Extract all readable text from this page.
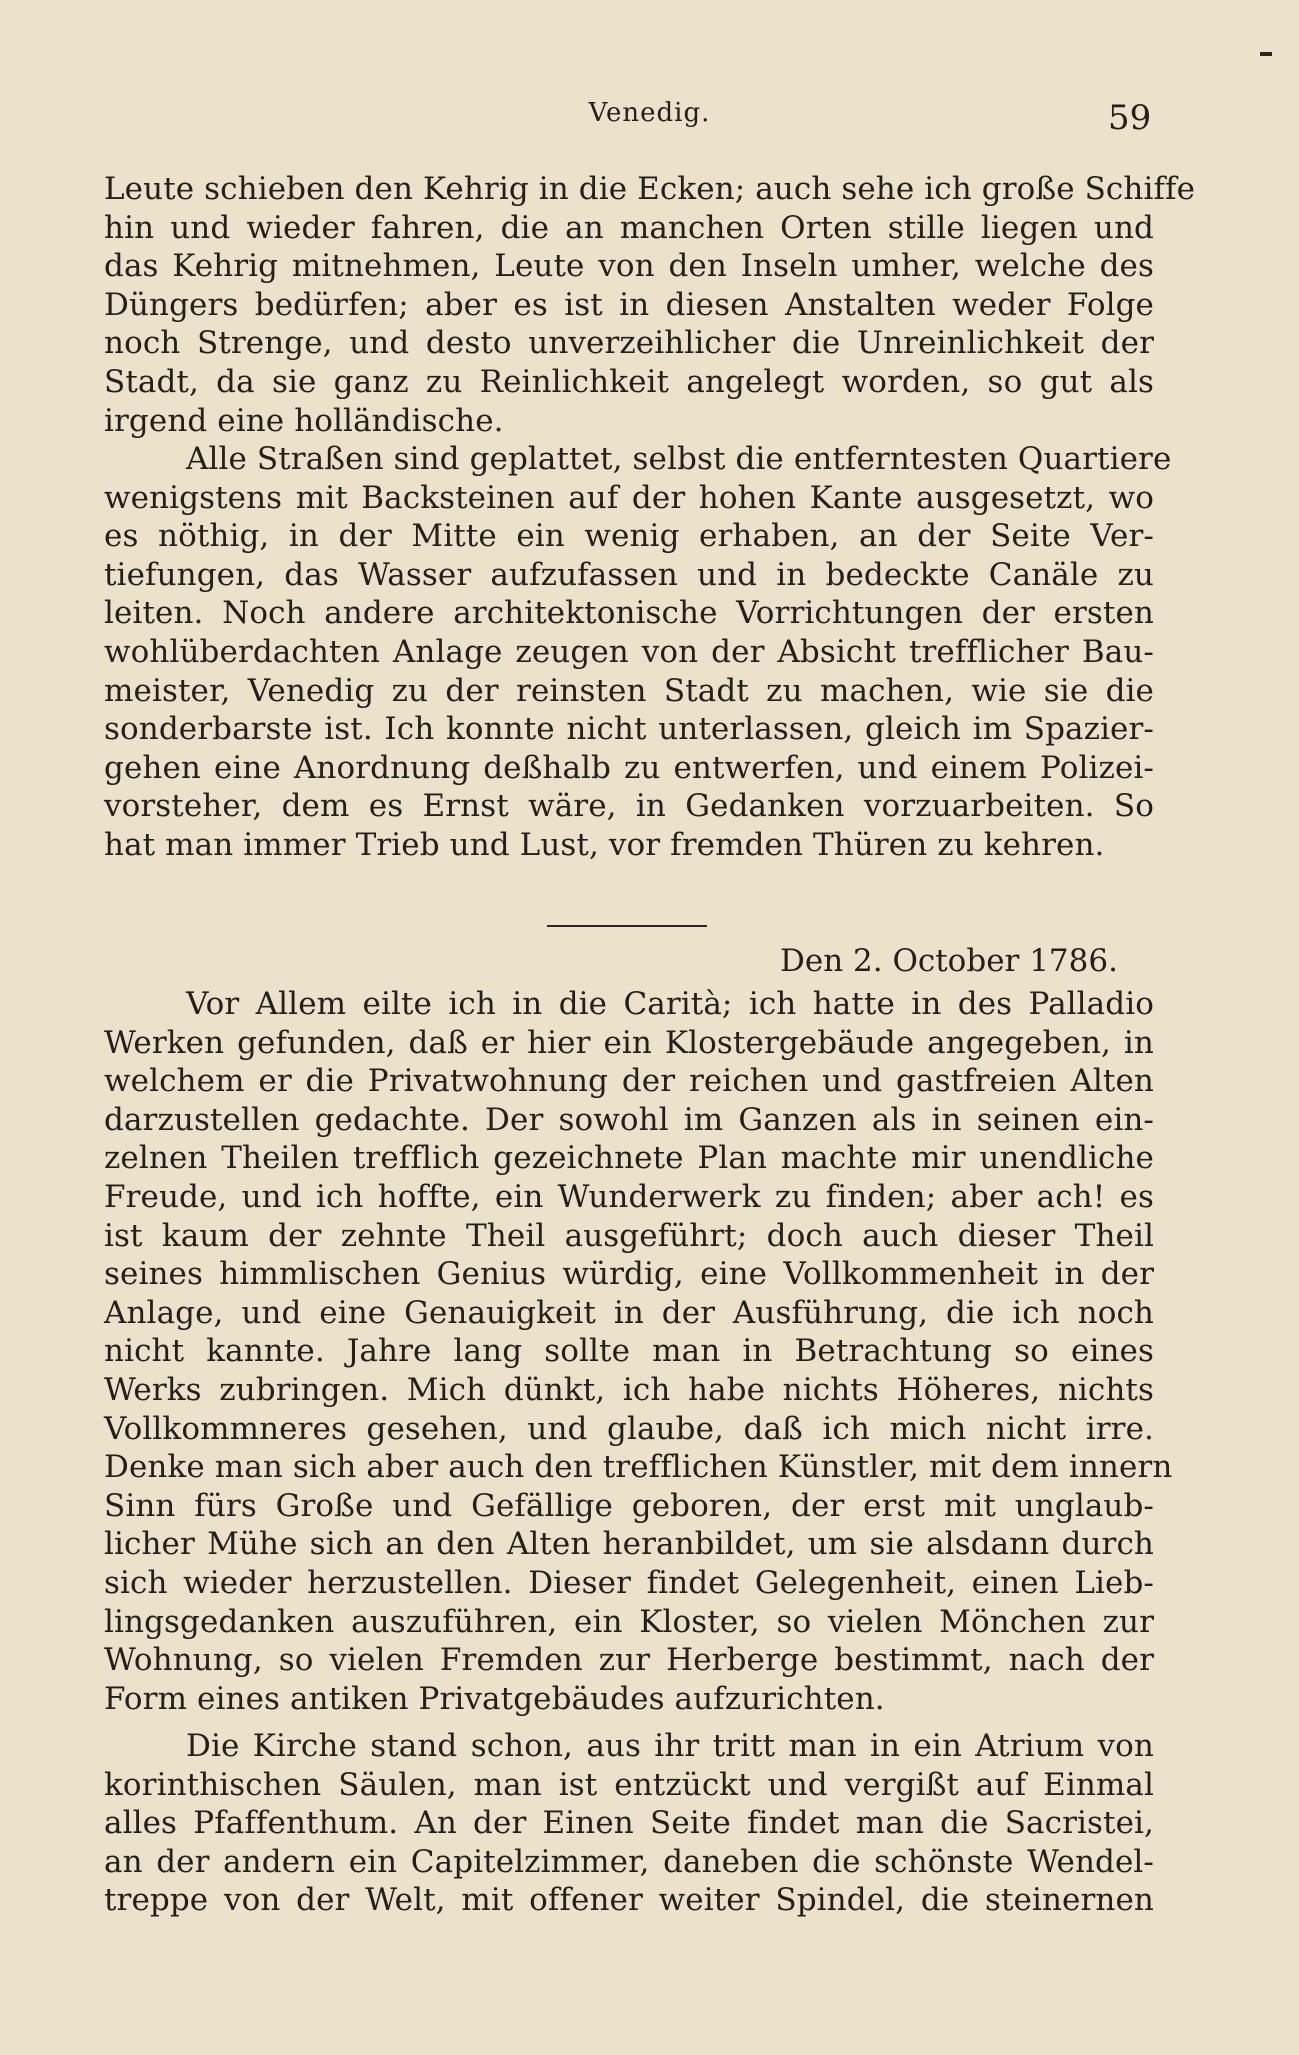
Venedig.	59
Leute schieben den Kehrig in die Ecken; auch sehe ich große Schiffe
hin und wieder fahren, die an manchen Orten stille liegen und
das Kehrig mitnehmen, Leute von den Inseln umher, welche des
Düngers bedürfen; aber es ist in diesen Anstalten weder Folge
noch Strenge, und desto unverzeihlicher die Unreinlichkeit der
Stadt, da sie ganz zu Reinlichkeit angelegt worden, so gut als
irgend eine holländische.
Alle Straßen sind geplattet, selbst die entferntesten Quartiere
wenigstens mit Backsteinen auf der hohen Kante ausgesetzt, wo
es nöthig, in der Mitte ein wenig erhaben, an der Seite Ver-
tiefungen, das Wasser aufzufassen und in bedeckte Canäle zu
leiten. Noch andere architektonische Vorrichtungen der ersten
wohlüberdachten Anlage zeugen von der Absicht trefflicher Bau-
meister, Venedig zu der reinsten Stadt zu machen, wie sie die
sonderbarste ist. Ich konnte nicht unterlassen, gleich im Spazier-
gehen eine Anordnung deßhalb zu entwerfen, und einem Polizei-
vorsteher, dem es Ernst wäre, in Gedanken vorzuarbeiten. So
hat man immer Trieb und Lust, vor fremden Thüren zu kehren.
Den 2. October 1786.
Vor Allem eilte ich in die Carità; ich hatte in des Palladio
Werken gefunden, daß er hier ein Klostergebäude angegeben, in
welchem er die Privatwohnung der reichen und gastfreien Alten
darzustellen gedachte. Der sowohl im Ganzen als in seinen ein-
zelnen Theilen trefflich gezeichnete Plan machte mir unendliche
Freude, und ich hoffte, ein Wunderwerk zu finden; aber ach! es
ist kaum der zehnte Theil ausgeführt; doch auch dieser Theil
seines himmlischen Genius würdig, eine Vollkommenheit in der
Anlage, und eine Genauigkeit in der Ausführung, die ich noch
nicht kannte. Jahre lang sollte man in Betrachtung so eines
Werks zubringen. Mich dünkt, ich habe nichts Höheres, nichts
Vollkommneres gesehen, und glaube, daß ich mich nicht irre.
Denke man sich aber auch den trefflichen Künstler, mit dem innern
Sinn fürs Große und Gefällige geboren, der erst mit unglaub-
licher Mühe sich an den Alten heranbildet, um sie alsdann durch
sich wieder herzustellen. Dieser findet Gelegenheit, einen Lieb-
lingsgedanken auszuführen, ein Kloster, so vielen Mönchen zur
Wohnung, so vielen Fremden zur Herberge bestimmt, nach der
Form eines antiken Privatgebäudes aufzurichten.
Die Kirche stand schon, aus ihr tritt man in ein Atrium von
korinthischen Säulen, man ist entzückt und vergißt auf Einmal
alles Pfaffenthum. An der Einen Seite findet man die Sacristei,
an der andern ein Capitelzimmer, daneben die schönste Wendel-
treppe von der Welt, mit offener weiter Spindel, die steinernen
